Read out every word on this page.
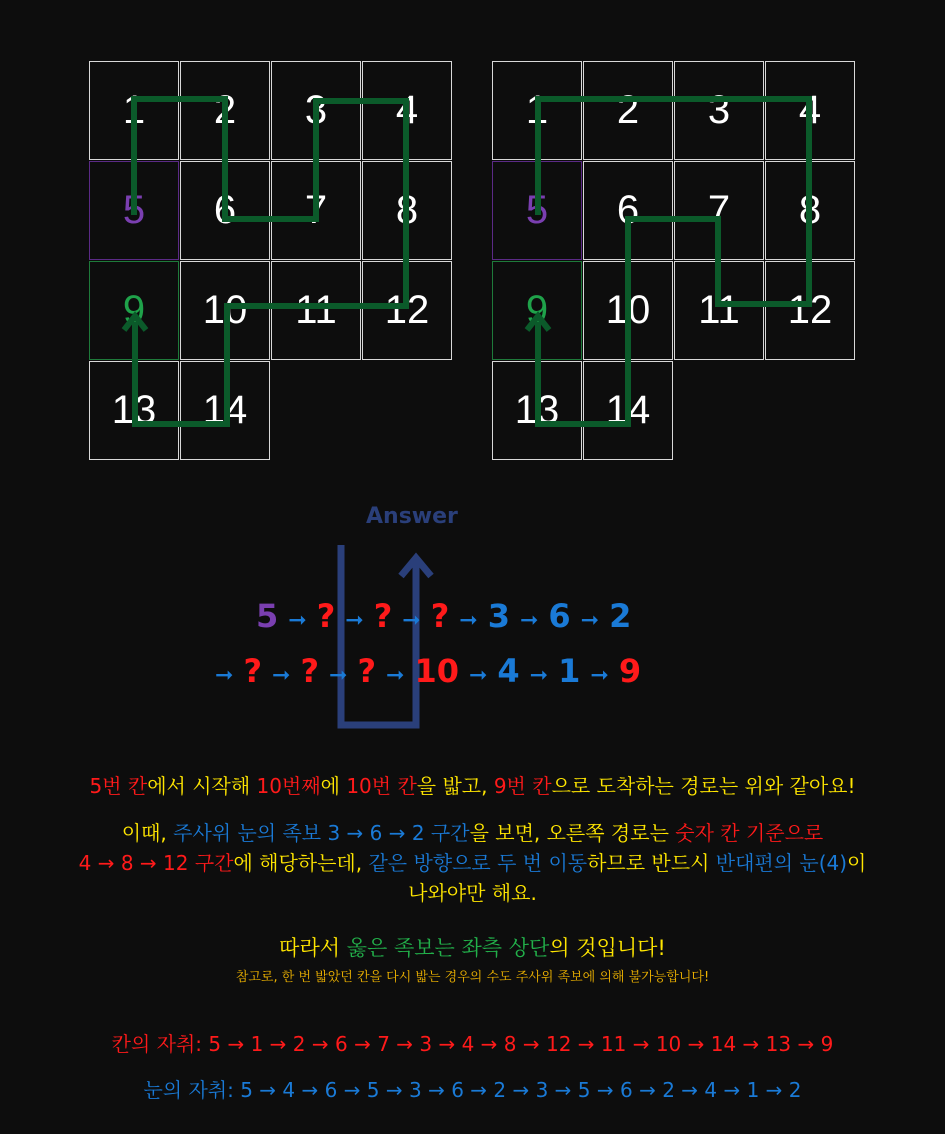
1	2	3	4
5	6	7	8
9	10	11	12
13	14
1	2	3	4
5	6	7	8
9	10	11	12
13	14
Answer
5 ➞ ? ➞ ? ➞ ? ➞ 3 ➞ 6 ➞ 2
➞ ? ➞ ? ➞ ? ➞ 10 ➞ 4 ➞ 1 ➞ 9
5번 칸에서 시작해 10번째에 10번 칸을 밟고, 9번 칸으로 도착하는 경로는 위와 같아요!
이때, 주사위 눈의 족보 3 → 6 → 2 구간을 보면, 오른쪽 경로는 숫자 칸 기준으로
4 → 8 → 12 구간에 해당하는데, 같은 방향으로 두 번 이동하므로 반드시 반대편의 눈(4)이
나와야만 해요.
따라서 옳은 족보는 좌측 상단의 것입니다!
참고로, 한 번 밟았던 칸을 다시 밟는 경우의 수도 주사위 족보에 의해 불가능합니다!
칸의 자취: 5 → 1 → 2 → 6 → 7 → 3 → 4 → 8 → 12 → 11 → 10 → 14 → 13 → 9
눈의 자취: 5 → 4 → 6 → 5 → 3 → 6 → 2 → 3 → 5 → 6 → 2 → 4 → 1 → 2
